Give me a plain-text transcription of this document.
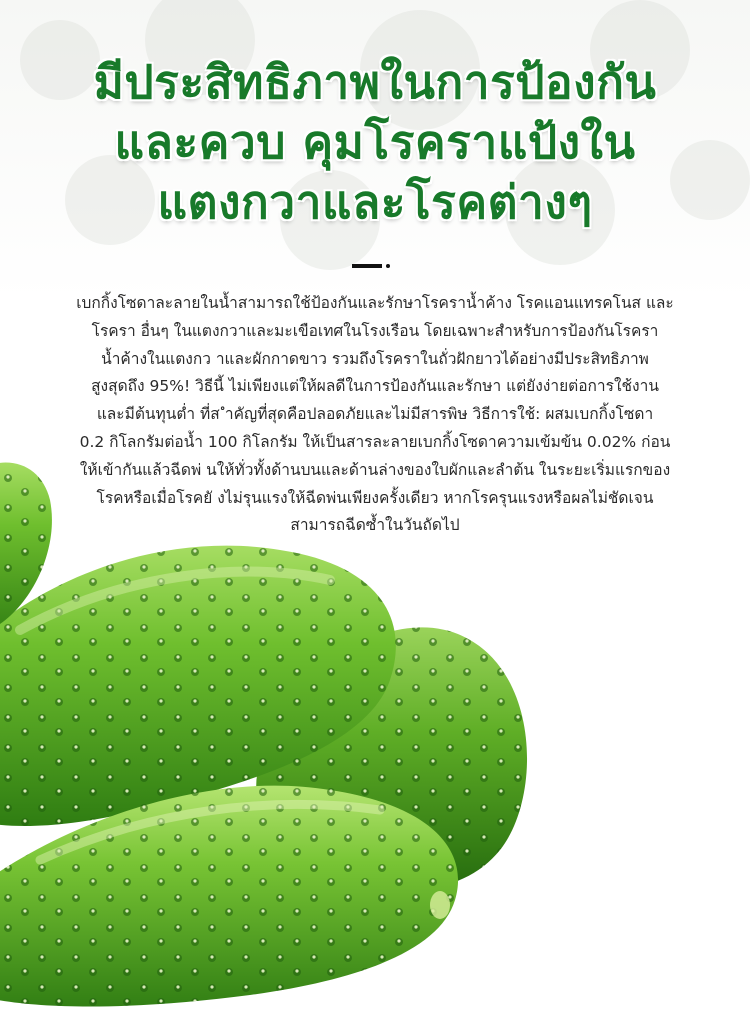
มีประสิทธิภาพในการป้องกัน
และควบ คุมโรคราแป้งใน
แตงกวาและโรคต่างๆ

เบกกิ้งโซดาละลายในน้ำสามารถใช้ป้องกันและรักษาโรคราน้ำค้าง โรคแอนแทรคโนส และ
โรครา อื่นๆ ในแตงกวาและมะเขือเทศในโรงเรือน โดยเฉพาะสำหรับการป้องกันโรครา
น้ำค้างในแตงกว าและผักกาดขาว รวมถึงโรคราในถั่วฝักยาวได้อย่างมีประสิทธิภาพ
สูงสุดถึง 95%! วิธีนี้ ไม่เพียงแต่ให้ผลดีในการป้องกันและรักษา แต่ยังง่ายต่อการใช้งาน
และมีต้นทุนต่ำ ที่ส ำคัญที่สุดคือปลอดภัยและไม่มีสารพิษ วิธีการใช้: ผสมเบกกิ้งโซดา
0.2 กิโลกรัมต่อน้ำ 100 กิโลกรัม ให้เป็นสารละลายเบกกิ้งโซดาความเข้มข้น 0.02% ก่อน
ให้เข้ากันแล้วฉีดพ่ นให้ทั่วทั้งด้านบนและด้านล่างของใบผักและลำต้น ในระยะเริ่มแรกของ
โรคหรือเมื่อโรคยั งไม่รุนแรงให้ฉีดพ่นเพียงครั้งเดียว หากโรครุนแรงหรือผลไม่ชัดเจน
สามารถฉีดซ้ำในวันถัดไป
